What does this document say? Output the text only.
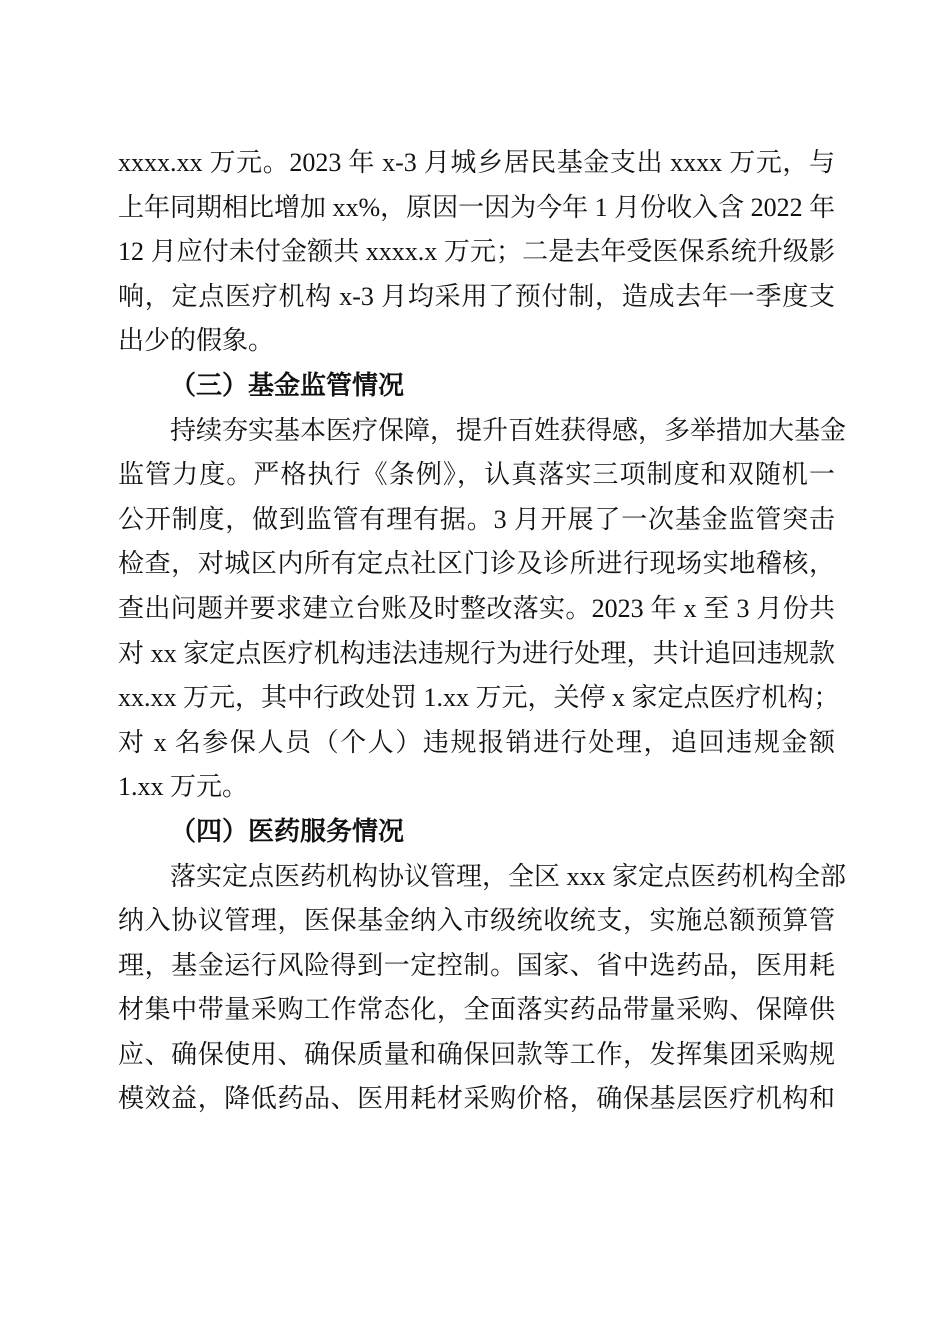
xxxx.xx 万元。2023 年 x-3 月城乡居民基金支出 xxxx 万元，与
上年同期相比增加 xx%，原因一因为今年 1 月份收入含 2022 年
12 月应付未付金额共 xxxx.x 万元；二是去年受医保系统升级影
响，定点医疗机构 x-3 月均采用了预付制，造成去年一季度支
出少的假象。
（三）基金监管情况
持续夯实基本医疗保障，提升百姓获得感，多举措加大基金
监管力度。严格执行《条例》，认真落实三项制度和双随机一
公开制度，做到监管有理有据。3 月开展了一次基金监管突击
检查，对城区内所有定点社区门诊及诊所进行现场实地稽核，
查出问题并要求建立台账及时整改落实。2023 年 x 至 3 月份共
对 xx 家定点医疗机构违法违规行为进行处理，共计追回违规款
xx.xx 万元，其中行政处罚 1.xx 万元，关停 x 家定点医疗机构；
对 x 名参保人员（个人）违规报销进行处理，追回违规金额
1.xx 万元。
（四）医药服务情况
落实定点医药机构协议管理，全区 xxx 家定点医药机构全部
纳入协议管理，医保基金纳入市级统收统支，实施总额预算管
理，基金运行风险得到一定控制。国家、省中选药品，医用耗
材集中带量采购工作常态化，全面落实药品带量采购、保障供
应、确保使用、确保质量和确保回款等工作，发挥集团采购规
模效益，降低药品、医用耗材采购价格，确保基层医疗机构和
